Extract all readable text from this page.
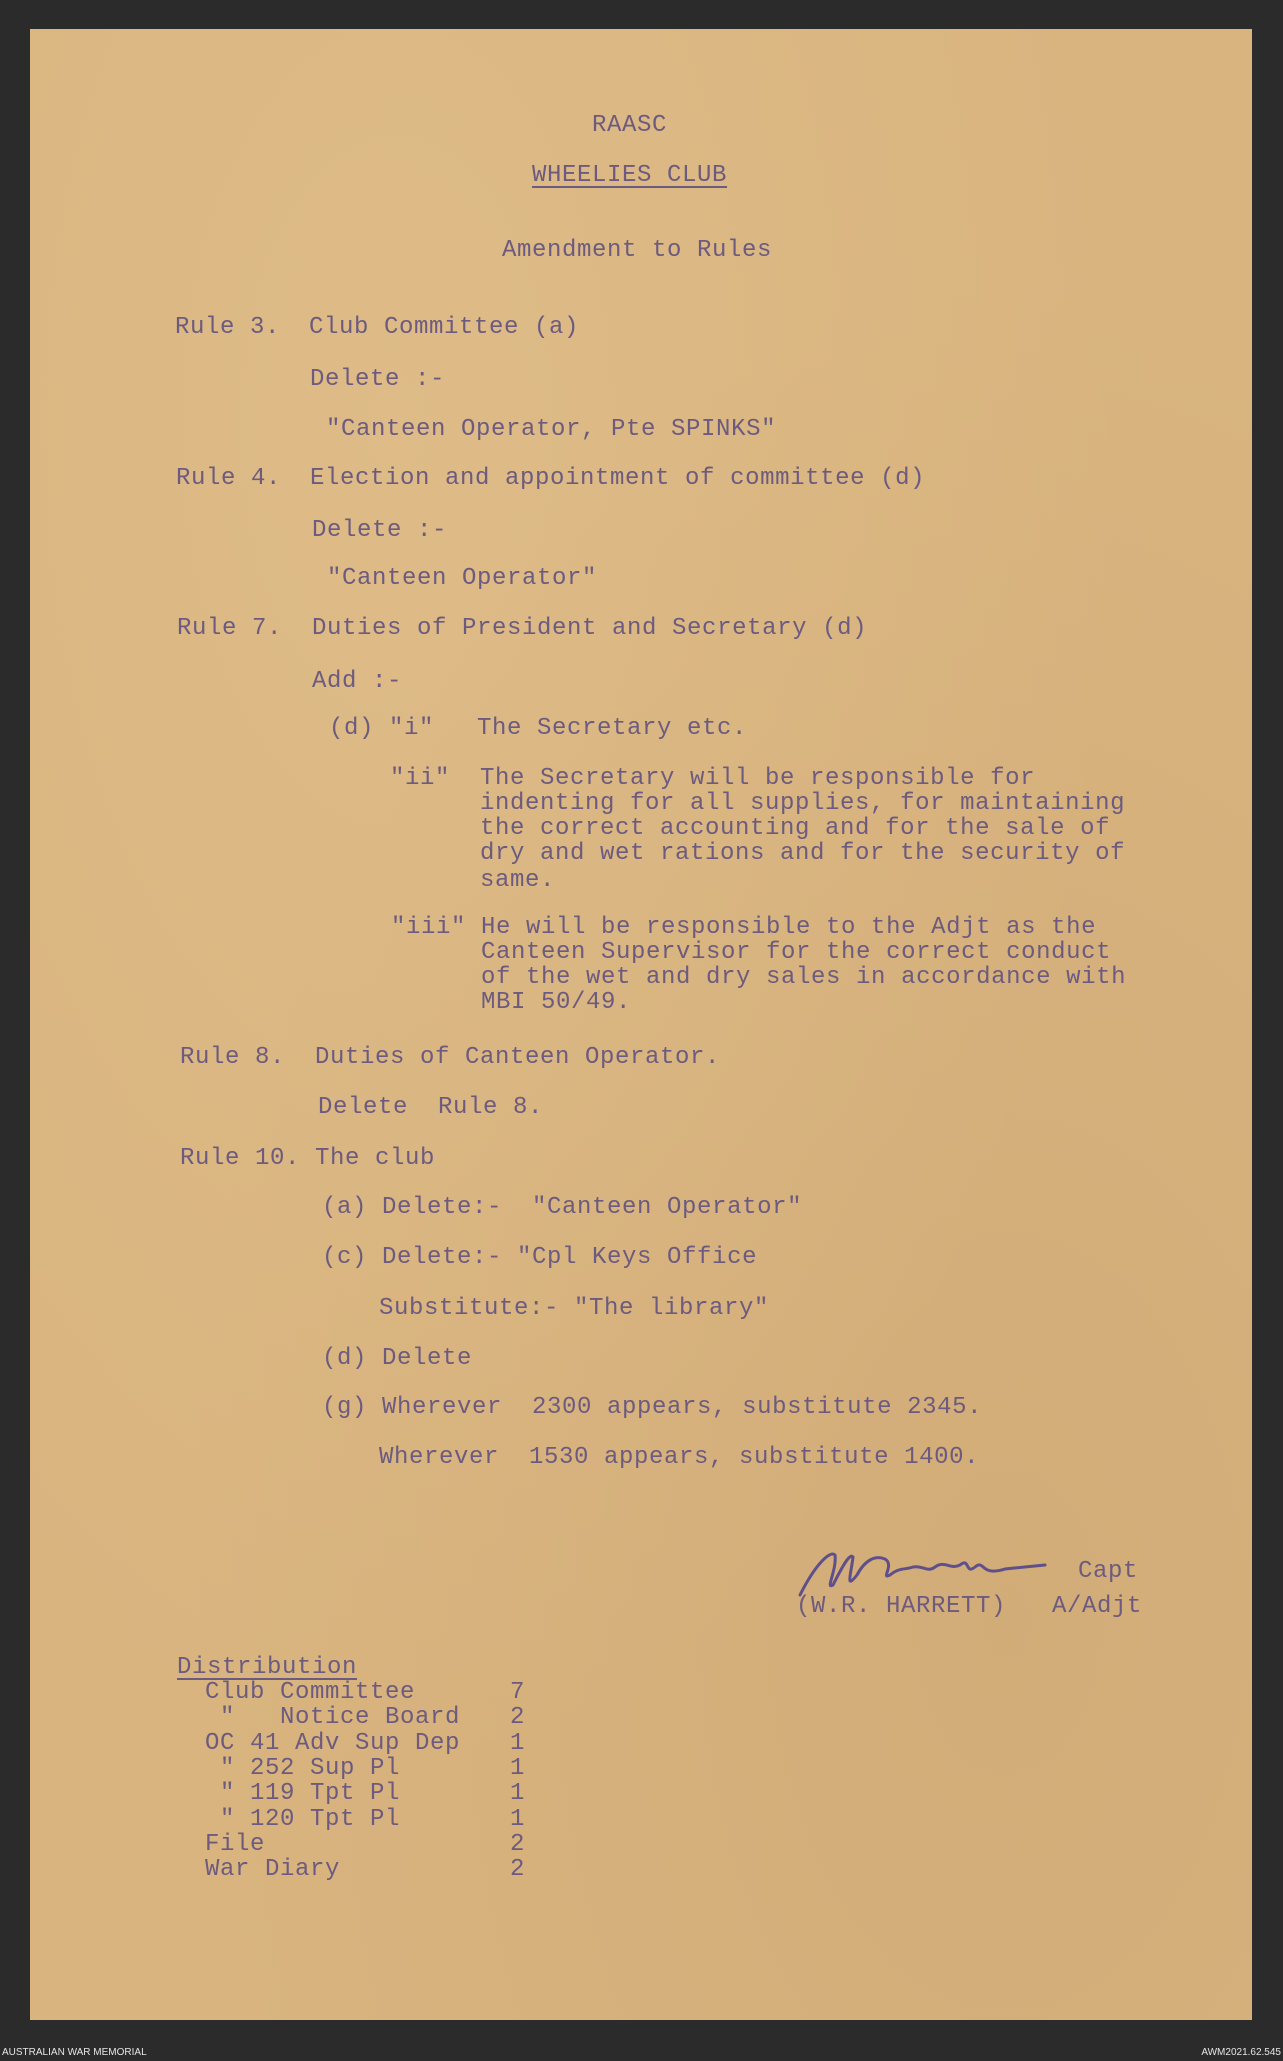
RAASC
WHEELIES CLUB
Amendment to Rules
Rule 3. Club Committee (a)
Delete :-
"Canteen Operator, Pte SPINKS"
Rule 4. Election and appointment of committee (d)
Delete :-
"Canteen Operator"
Rule 7. Duties of President and Secretary (d)
Add :-
(d) "i" The Secretary etc.
"ii" The Secretary will be responsible for
indenting for all supplies, for maintaining
the correct accounting and for the sale of
dry and wet rations and for the security of
same.
"iii" He will be responsible to the Adjt as the
Canteen Supervisor for the correct conduct
of the wet and dry sales in accordance with
MBI 50/49.
Rule 8. Duties of Canteen Operator.
Delete  Rule 8.
Rule 10. The club
(a) Delete:-  "Canteen Operator"
(c) Delete:- "Cpl Keys Office
Substitute:- "The library"
(d) Delete
(g) Wherever  2300 appears, substitute 2345.
Wherever  1530 appears, substitute 1400.
Capt
(W.R. HARRETT) A/Adjt
Distribution
Club Committee	7
"   Notice Board 2
OC 41 Adv Sup Dep 1
" 252 Sup Pl	1
" 119 Tpt Pl	1
" 120 Tpt Pl	1
File	2
War Diary	2
AUSTRALIAN WAR MEMORIAL	AWM2021.62.545
